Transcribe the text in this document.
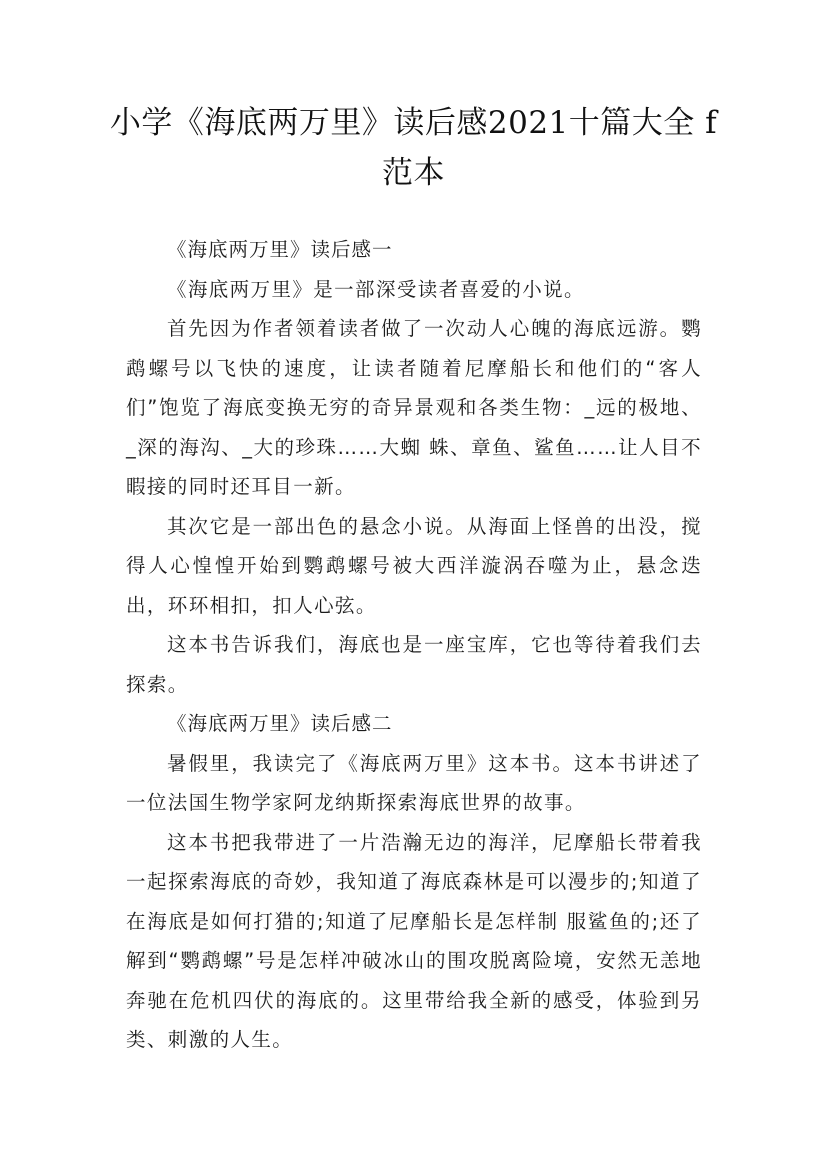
小学《海底两万里》读后感2021十篇大全 f 范本

《海底两万里》读后感一

《海底两万里》是一部深受读者喜爱的小说。

首先因为作者领着读者做了一次动人心魄的海底远游。鹦鹉螺号以飞快的速度，让读者随着尼摩船长和他们的“客人们”饱览了海底变换无穷的奇异景观和各类生物：_远的极地、_深的海沟、_大的珍珠……大蜘 蛛、章鱼、鲨鱼……让人目不暇接的同时还耳目一新。

其次它是一部出色的悬念小说。从海面上怪兽的出没，搅得人心惶惶开始到鹦鹉螺号被大西洋漩涡吞噬为止，悬念迭出，环环相扣，扣人心弦。

这本书告诉我们，海底也是一座宝库，它也等待着我们去探索。

《海底两万里》读后感二

暑假里，我读完了《海底两万里》这本书。这本书讲述了一位法国生物学家阿龙纳斯探索海底世界的故事。

这本书把我带进了一片浩瀚无边的海洋，尼摩船长带着我一起探索海底的奇妙，我知道了海底森林是可以漫步的;知道了在海底是如何打猎的;知道了尼摩船长是怎样制 服鲨鱼的;还了解到“鹦鹉螺”号是怎样冲破冰山的围攻脱离险境，安然无恙地奔驰在危机四伏的海底的。这里带给我全新的感受，体验到另类、刺激的人生。
